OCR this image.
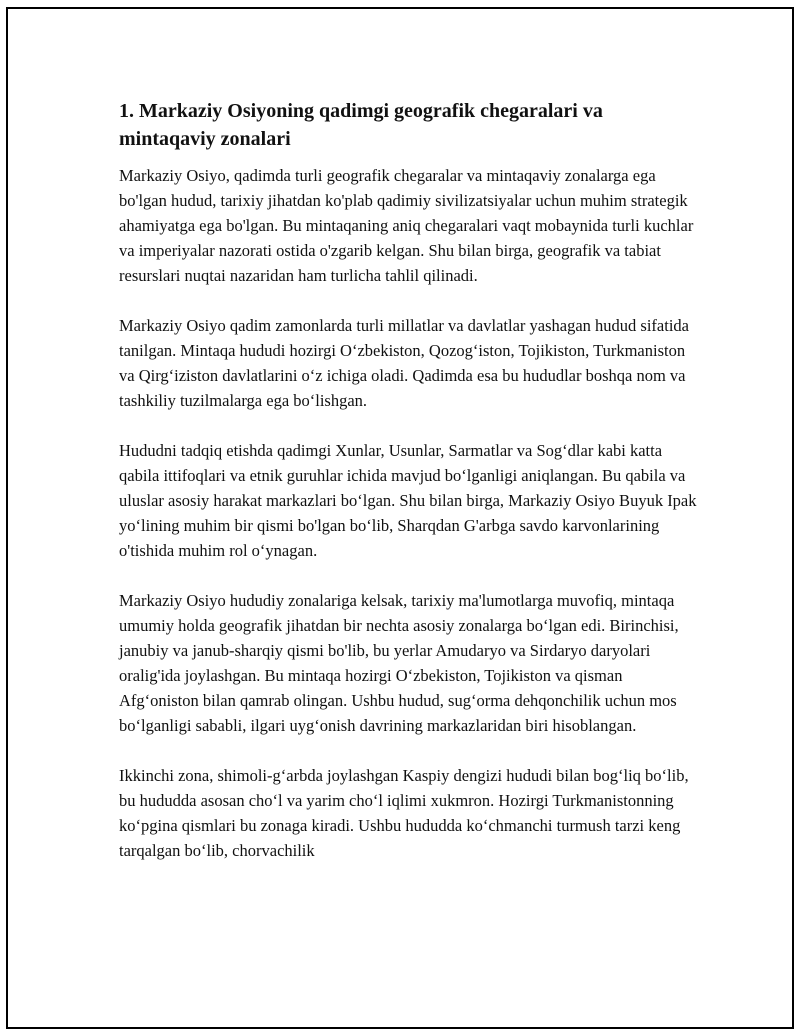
1. Markaziy Osiyoning qadimgi geografik chegaralari va mintaqaviy zonalari

Markaziy Osiyo, qadimda turli geografik chegaralar va mintaqaviy zonalarga ega bo'lgan hudud, tarixiy jihatdan ko'plab qadimiy sivilizatsiyalar uchun muhim strategik ahamiyatga ega bo'lgan. Bu mintaqaning aniq chegaralari vaqt mobaynida turli kuchlar va imperiyalar nazorati ostida o'zgarib kelgan. Shu bilan birga, geografik va tabiat resurslari nuqtai nazaridan ham turlicha tahlil qilinadi.

Markaziy Osiyo qadim zamonlarda turli millatlar va davlatlar yashagan hudud sifatida tanilgan. Mintaqa hududi hozirgi O‘zbekiston, Qozog‘iston, Tojikiston, Turkmaniston va Qirg‘iziston davlatlarini o‘z ichiga oladi. Qadimda esa bu hududlar boshqa nom va tashkiliy tuzilmalarga ega bo‘lishgan.

Hududni tadqiq etishda qadimgi Xunlar, Usunlar, Sarmatlar va Sog‘dlar kabi katta qabila ittifoqlari va etnik guruhlar ichida mavjud bo‘lganligi aniqlangan. Bu qabila va uluslar asosiy harakat markazlari bo‘lgan. Shu bilan birga, Markaziy Osiyo Buyuk Ipak yo‘lining muhim bir qismi bo'lgan bo‘lib, Sharqdan G'arbga savdo karvonlarining o'tishida muhim rol o‘ynagan.

Markaziy Osiyo hududiy zonalariga kelsak, tarixiy ma'lumotlarga muvofiq, mintaqa umumiy holda geografik jihatdan bir nechta asosiy zonalarga bo‘lgan edi. Birinchisi, janubiy va janub-sharqiy qismi bo'lib, bu yerlar Amudaryo va Sirdaryo daryolari oralig'ida joylashgan. Bu mintaqa hozirgi O‘zbekiston, Tojikiston va qisman Afg‘oniston bilan qamrab olingan. Ushbu hudud, sug‘orma dehqonchilik uchun mos bo‘lganligi sababli, ilgari uyg‘onish davrining markazlaridan biri hisoblangan.

Ikkinchi zona, shimoli-g‘arbda joylashgan Kaspiy dengizi hududi bilan bog‘liq bo‘lib, bu hududda asosan cho‘l va yarim cho‘l iqlimi xukmron. Hozirgi Turkmanistonning ko‘pgina qismlari bu zonaga kiradi. Ushbu hududda ko‘chmanchi turmush tarzi keng tarqalgan bo‘lib, chorvachilik
